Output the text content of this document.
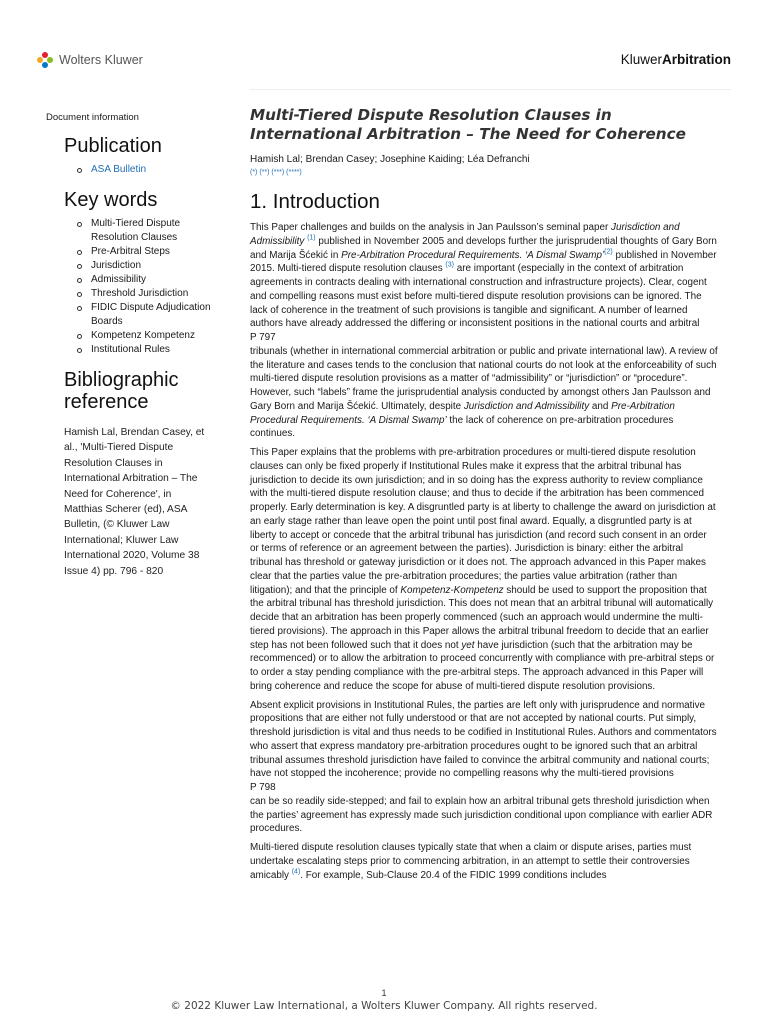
Wolters Kluwer	KluwerArbitration
Document information
Publication
ASA Bulletin
Key words
Multi-Tiered Dispute Resolution Clauses
Pre-Arbitral Steps
Jurisdiction
Admissibility
Threshold Jurisdiction
FIDIC Dispute Adjudication Boards
Kompetenz Kompetenz
Institutional Rules
Bibliographic reference

Hamish Lal, Brendan Casey, et al., 'Multi-Tiered Dispute Resolution Clauses in International Arbitration – The Need for Coherence', in Matthias Scherer (ed), ASA Bulletin, (© Kluwer Law International; Kluwer Law International 2020, Volume 38 Issue 4) pp. 796 - 820

Multi-Tiered Dispute Resolution Clauses in International Arbitration – The Need for Coherence
Hamish Lal; Brendan Casey; Josephine Kaiding; Léa Defranchi
(*) (**) (***) (****)
1. Introduction

This Paper challenges and builds on the analysis in Jan Paulsson’s seminal paper Jurisdiction and Admissibility $^{(1)}$ published in November 2005 and develops further the jurisprudential thoughts of Gary Born and Marija Šćekić in Pre-Arbitration Procedural Requirements. ‘A Dismal Swamp’$^{(2)}$ published in November 2015. Multi-tiered dispute resolution clauses $^{(3)}$ are important (especially in the context of arbitration agreements in contracts dealing with international construction and infrastructure projects). Clear, cogent and compelling reasons must exist before multi-tiered dispute resolution provisions can be ignored. The lack of coherence in the treatment of such provisions is tangible and significant. A number of learned authors have already addressed the differing or inconsistent positions in the national courts and arbitral
P 797
tribunals (whether in international commercial arbitration or public and private international law). A review of the literature and cases tends to the conclusion that national courts do not look at the enforceability of such multi-tiered dispute resolution provisions as a matter of “admissibility” or “jurisdiction” or “procedure”. However, such “labels” frame the jurisprudential analysis conducted by amongst others Jan Paulsson and Gary Born and Marija Šćekić. Ultimately, despite Jurisdiction and Admissibility and Pre-Arbitration Procedural Requirements. ‘A Dismal Swamp’ the lack of coherence on pre-arbitration procedures continues.

This Paper explains that the problems with pre-arbitration procedures or multi-tiered dispute resolution clauses can only be fixed properly if Institutional Rules make it express that the arbitral tribunal has jurisdiction to decide its own jurisdiction; and in so doing has the express authority to review compliance with the multi-tiered dispute resolution clause; and thus to decide if the arbitration has been commenced properly. Early determination is key. A disgruntled party is at liberty to challenge the award on jurisdiction at an early stage rather than leave open the point until post final award. Equally, a disgruntled party is at liberty to accept or concede that the arbitral tribunal has jurisdiction (and record such consent in an order or terms of reference or an agreement between the parties). Jurisdiction is binary: either the arbitral tribunal has threshold or gateway jurisdiction or it does not. The approach advanced in this Paper makes clear that the parties value the pre-arbitration procedures; the parties value arbitration (rather than litigation); and that the principle of Kompetenz-Kompetenz should be used to support the proposition that the arbitral tribunal has threshold jurisdiction. This does not mean that an arbitral tribunal will automatically decide that an arbitration has been properly commenced (such an approach would undermine the multi-tiered provisions). The approach in this Paper allows the arbitral tribunal freedom to decide that an earlier step has not been followed such that it does not yet have jurisdiction (such that the arbitration may be recommenced) or to allow the arbitration to proceed concurrently with compliance with pre-arbitral steps or to order a stay pending compliance with the pre-arbitral steps. The approach advanced in this Paper will bring coherence and reduce the scope for abuse of multi-tiered dispute resolution provisions.

Absent explicit provisions in Institutional Rules, the parties are left only with jurisprudence and normative propositions that are either not fully understood or that are not accepted by national courts. Put simply, threshold jurisdiction is vital and thus needs to be codified in Institutional Rules. Authors and commentators who assert that express mandatory pre-arbitration procedures ought to be ignored such that an arbitral tribunal assumes threshold jurisdiction have failed to convince the arbitral community and national courts; have not stopped the incoherence; provide no compelling reasons why the multi-tiered provisions
P 798
can be so readily side-stepped; and fail to explain how an arbitral tribunal gets threshold jurisdiction when the parties’ agreement has expressly made such jurisdiction conditional upon compliance with earlier ADR procedures.

Multi-tiered dispute resolution clauses typically state that when a claim or dispute arises, parties must undertake escalating steps prior to commencing arbitration, in an attempt to settle their controversies amicably $^{(4)}$. For example, Sub-Clause 20.4 of the FIDIC 1999 conditions includes

1
© 2022 Kluwer Law International, a Wolters Kluwer Company. All rights reserved.
